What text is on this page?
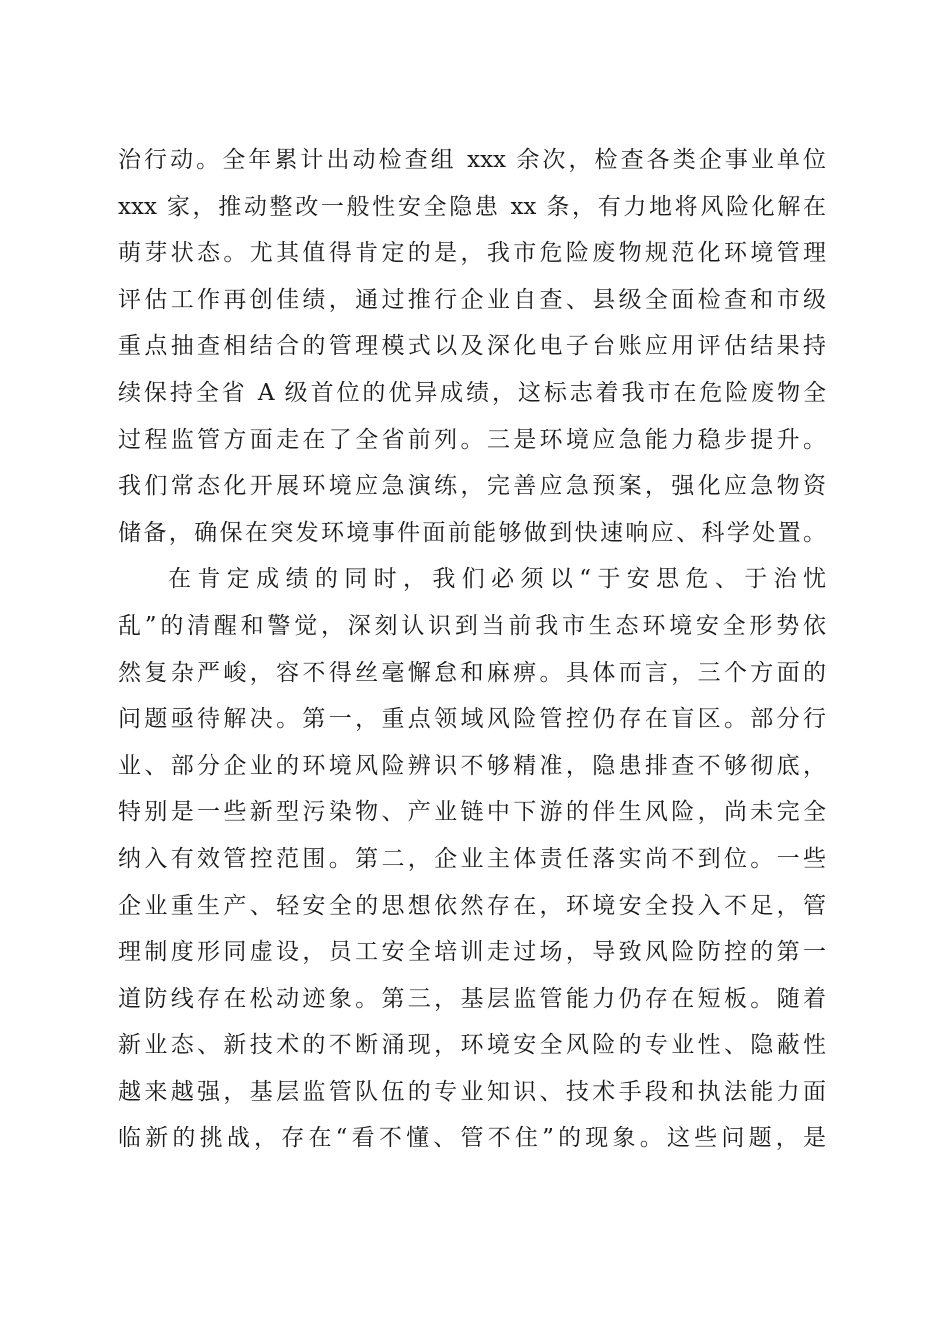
治行动。全年累计出动检查组 xxx 余次，检查各类企事业单位
xxx 家，推动整改一般性安全隐患 xx 条，有力地将风险化解在
萌芽状态。尤其值得肯定的是，我市危险废物规范化环境管理
评估工作再创佳绩，通过推行企业自查、县级全面检查和市级
重点抽查相结合的管理模式以及深化电子台账应用评估结果持
续保持全省 A 级首位的优异成绩，这标志着我市在危险废物全
过程监管方面走在了全省前列。三是环境应急能力稳步提升。
我们常态化开展环境应急演练，完善应急预案，强化应急物资
储备，确保在突发环境事件面前能够做到快速响应、科学处置。
在肯定成绩的同时，我们必须以“于安思危、于治忧
乱”的清醒和警觉，深刻认识到当前我市生态环境安全形势依
然复杂严峻，容不得丝毫懈怠和麻痹。具体而言，三个方面的
问题亟待解决。第一，重点领域风险管控仍存在盲区。部分行
业、部分企业的环境风险辨识不够精准，隐患排查不够彻底，
特别是一些新型污染物、产业链中下游的伴生风险，尚未完全
纳入有效管控范围。第二，企业主体责任落实尚不到位。一些
企业重生产、轻安全的思想依然存在，环境安全投入不足，管
理制度形同虚设，员工安全培训走过场，导致风险防控的第一
道防线存在松动迹象。第三，基层监管能力仍存在短板。随着
新业态、新技术的不断涌现，环境安全风险的专业性、隐蔽性
越来越强，基层监管队伍的专业知识、技术手段和执法能力面
临新的挑战，存在“看不懂、管不住”的现象。这些问题，是
